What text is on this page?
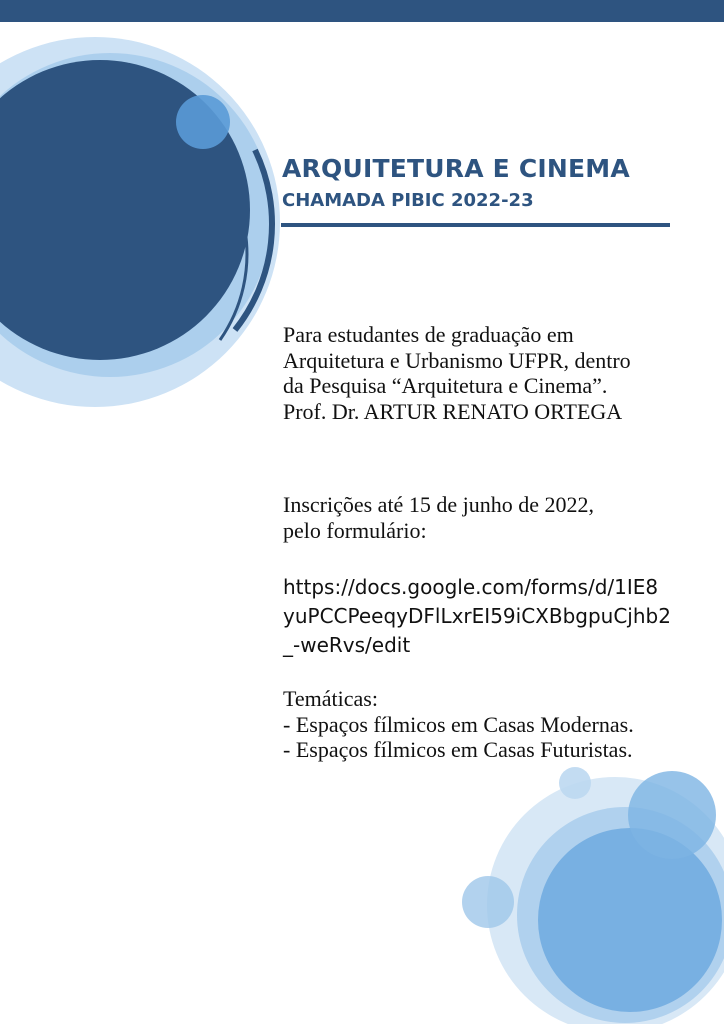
ARQUITETURA E CINEMA
CHAMADA PIBIC 2022-23
Para estudantes de graduação em
Arquitetura e Urbanismo UFPR, dentro
da Pesquisa “Arquitetura e Cinema”.
Prof. Dr. ARTUR RENATO ORTEGA
Inscrições até 15 de junho de 2022,
pelo formulário:
https://docs.google.com/forms/d/1IE8
yuPCCPeeqyDFlLxrEI59iCXBbgpuCjhb2
_-weRvs/edit
Temáticas:
- Espaços fílmicos em Casas Modernas.
- Espaços fílmicos em Casas Futuristas.
